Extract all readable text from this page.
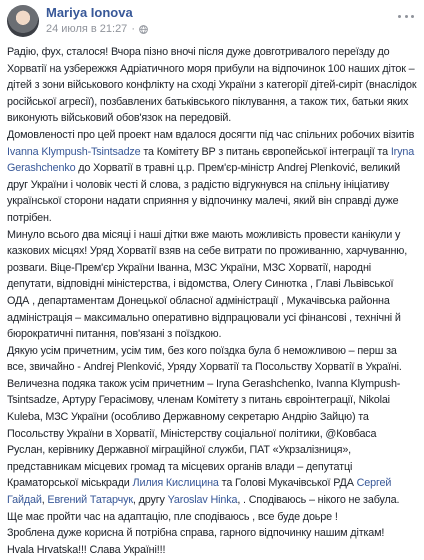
Mariya Ionova
24 июля в 21:27 ·

Радію, фух, сталося! Вчора пізно вночі після дуже довготривалого переїзду до Хорватії на узбережжя Адріатичного моря прибули на відпочинок 100 наших діток – дітей з зони військового конфлікту на сході України з категорії дітей-сиріт (внаслідок російської агресії), позбавлених батьківського піклування, а також тих, батьки яких виконують військовий обов'язок на передовій.

Домовленості про цей проект нам вдалося досягти під час спільних робочих візитів Ivanna Klympush-Tsintsadze та Комітету ВР з питань європейської інтеграції та Iryna Gerashchenko до Хорватії в травні ц.р. Прем'єр-міністр Andrej Plenković, великий друг України і чоловік честі й слова, з радістю відгукнувся на спільну ініціативу української сторони надати сприяння у відпочинку малечі, який він справді дуже потрібен.

Минуло всього два місяці і наші дітки вже мають можливість провести канікули у казкових місцях! Уряд Хорватії взяв на себе витрати по проживанню, харчуванню, розваги. Віце-Прем'єр України Іванна, МЗС України, МЗС Хорватії, народні депутати, відповідні міністерства, і відомства, Олегу Синютка , Главі Львівської ОДА , департаментам Донецької обласної адміністрації , Мукачівська районна адміністрація – максимально оперативно відпрацювали усі фінансові , технічні й бюрократичні питання, пов'язані з поїздкою.

Дякую усім причетним, усім тим, без кого поїздка була б неможливою – перш за все, звичайно - Andrej Plenković, Уряду Хорватії та Посольству Хорватії в Україні. Величезна подяка також усім причетним – Iryna Gerashchenko, Ivanna Klympush-Tsintsadze, Артуру Герасімову, членам Комітету з питань євроінтеграції, Nikolai Kuleba, МЗС України (особливо Державному секретарю Андрію Зайцю) та Посольству України в Хорватії, Міністерству соціальної політики, @Ковбаса Руслан, керівнику Державної міграційної служби, ПАТ «Укрзалізниця», представникам місцевих громад та місцевих органів влади – депутатці Краматорської міськради Лилия Кислицина та Голові Мукачівської РДА Сергей Гайдай, Евгений Татарчук, другу Yaroslav Hinka, . Сподіваюсь – нікого не забула.

Ще має пройти час на адаптацію, пле сподіваюсь , все буде доьре !

Зроблена дуже корисна й потрібна справа, гарного відпочинку нашим діткам!

Hvala Hrvatska!!! Слава Україні!!!
